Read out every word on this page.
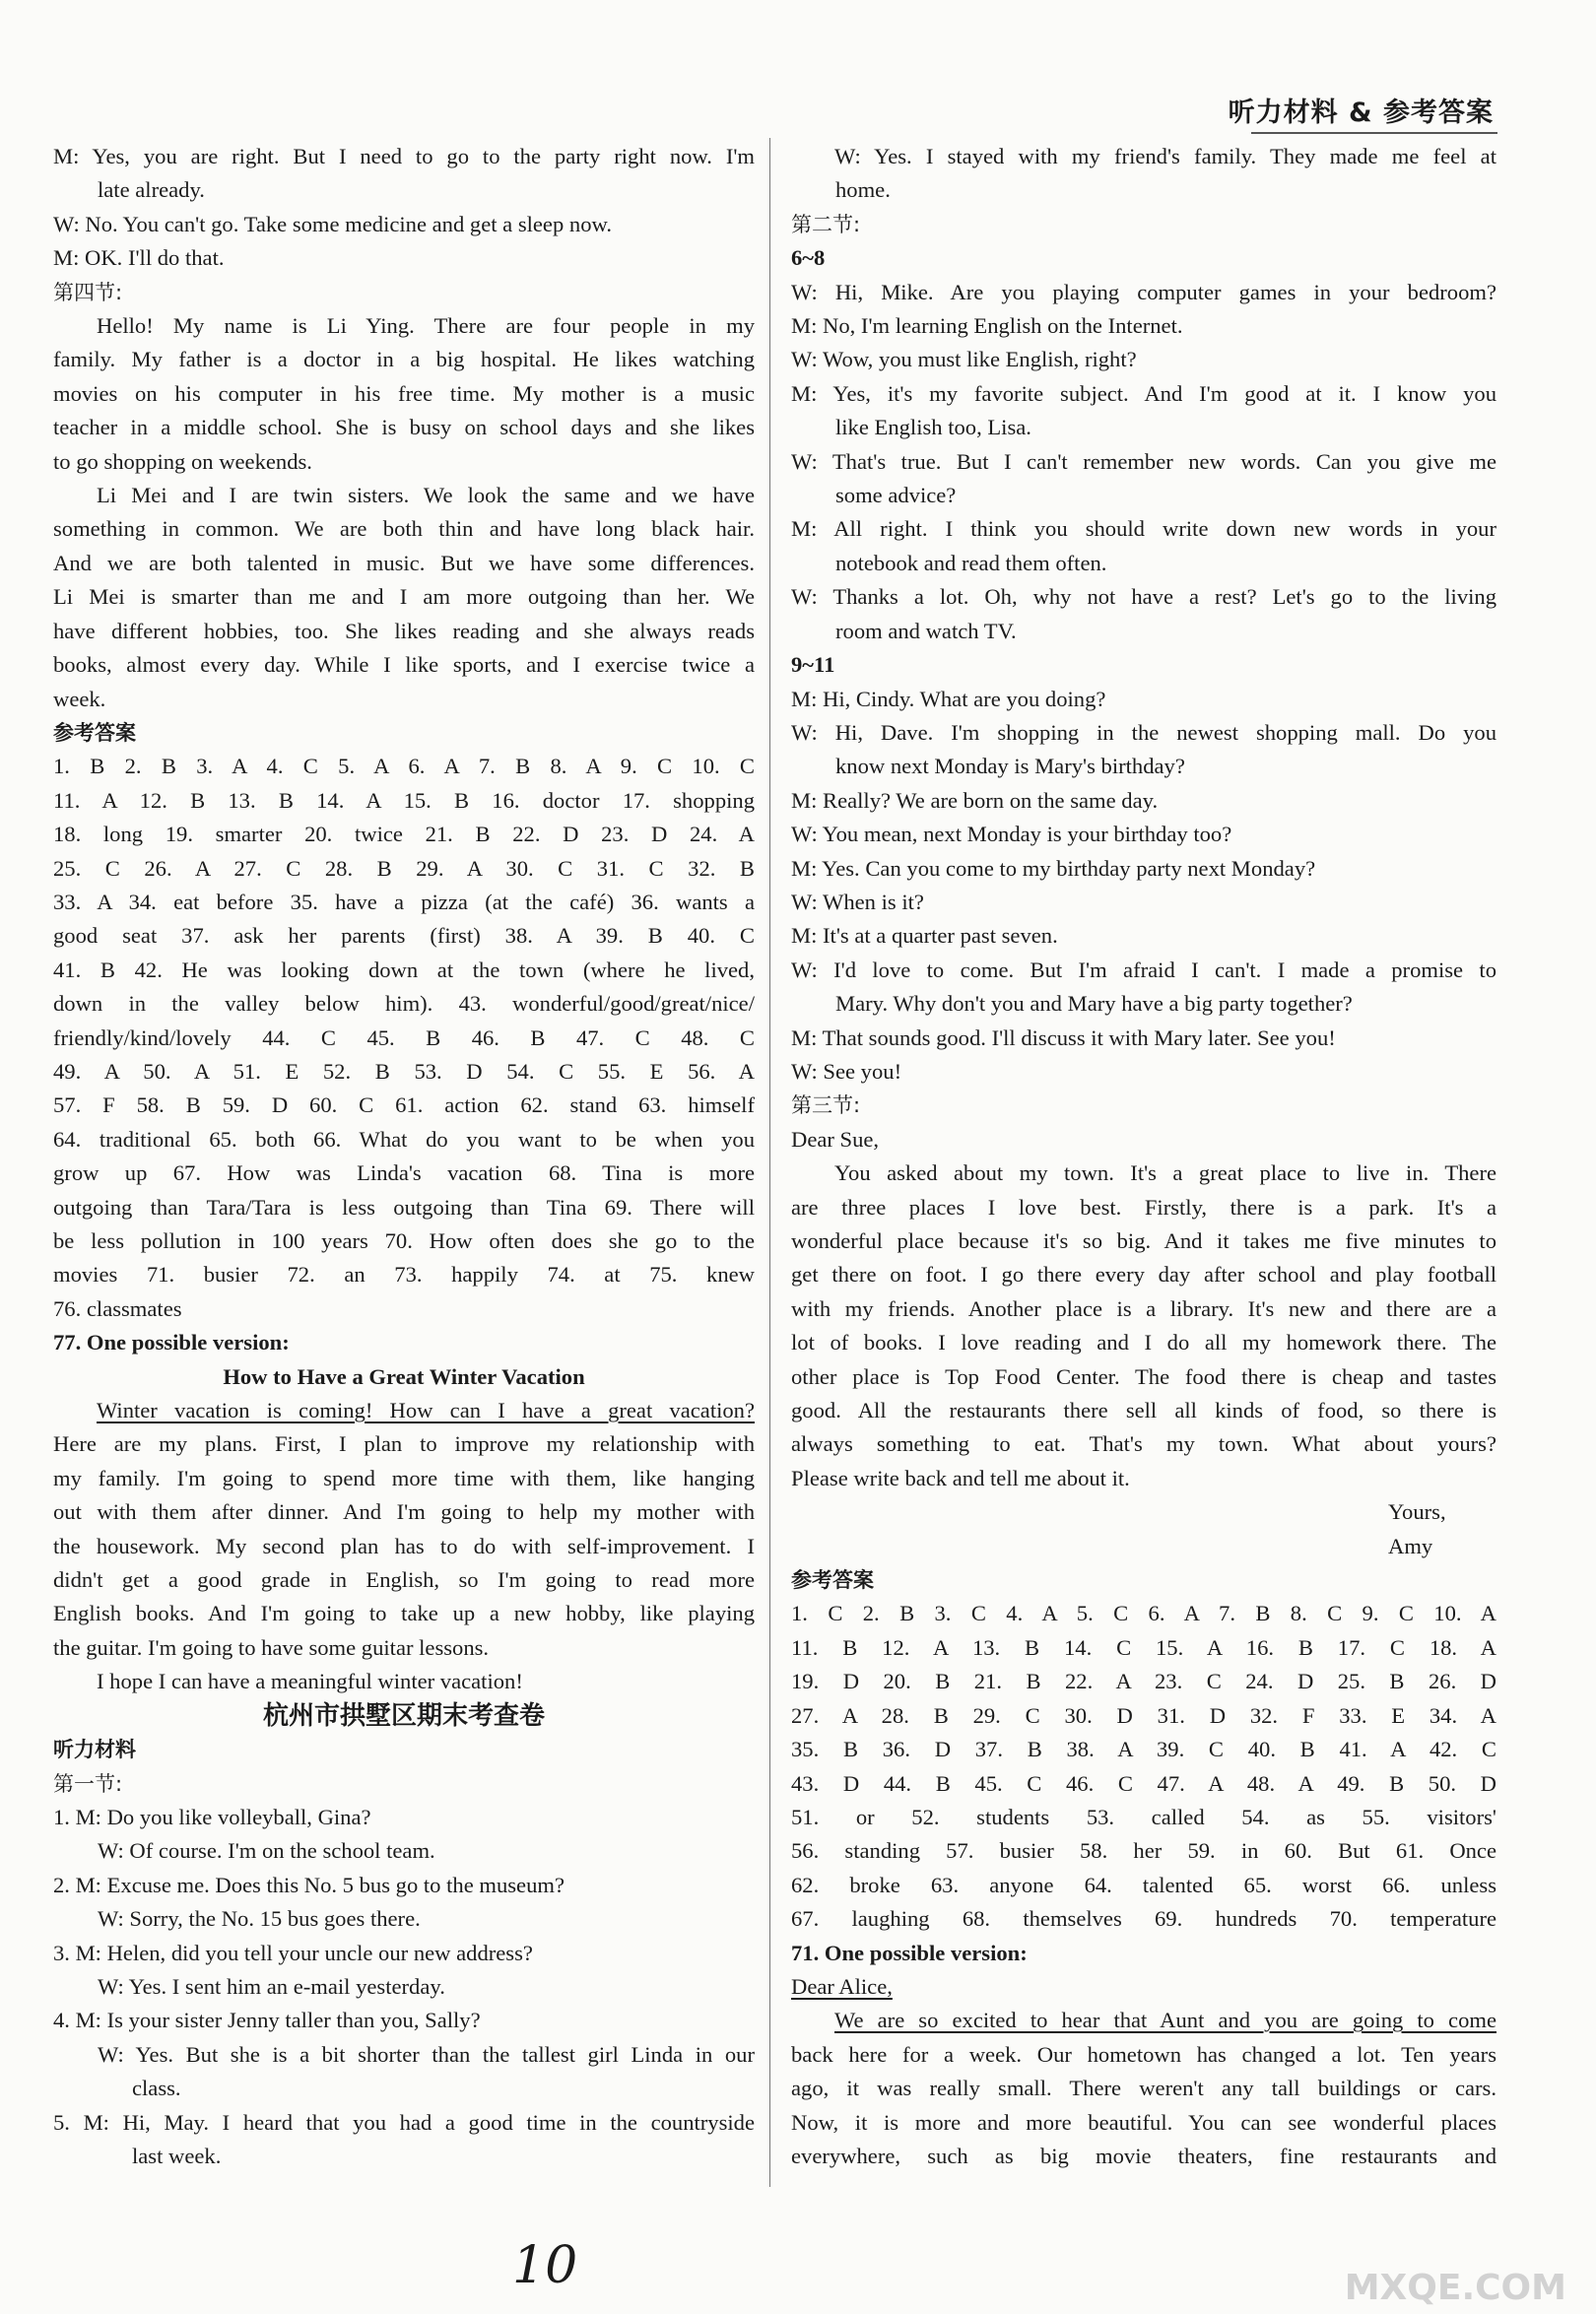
听力材料 & 参考答案
M: Yes, you are right. But I need to go to the party right now. I'm
late already.
W: No. You can't go. Take some medicine and get a sleep now.
M: OK. I'll do that.
第四节:
Hello! My name is Li Ying. There are four people in my
family. My father is a doctor in a big hospital. He likes watching
movies on his computer in his free time. My mother is a music
teacher in a middle school. She is busy on school days and she likes
to go shopping on weekends.
Li Mei and I are twin sisters. We look the same and we have
something in common. We are both thin and have long black hair.
And we are both talented in music. But we have some differences.
Li Mei is smarter than me and I am more outgoing than her. We
have different hobbies, too. She likes reading and she always reads
books, almost every day. While I like sports, and I exercise twice a
week.
参考答案
1. B 2. B 3. A 4. C 5. A 6. A 7. B 8. A 9. C 10. C
11. A 12. B 13. B 14. A 15. B 16. doctor 17. shopping
18. long 19. smarter 20. twice 21. B 22. D 23. D 24. A
25. C 26. A 27. C 28. B 29. A 30. C 31. C 32. B
33. A 34. eat before 35. have a pizza (at the café) 36. wants a
good seat 37. ask her parents (first) 38. A 39. B 40. C
41. B 42. He was looking down at the town (where he lived,
down in the valley below him). 43. wonderful/good/great/nice/
friendly/kind/lovely 44. C 45. B 46. B 47. C 48. C
49. A 50. A 51. E 52. B 53. D 54. C 55. E 56. A
57. F 58. B 59. D 60. C 61. action 62. stand 63. himself
64. traditional 65. both 66. What do you want to be when you
grow up 67. How was Linda's vacation 68. Tina is more
outgoing than Tara/Tara is less outgoing than Tina 69. There will
be less pollution in 100 years 70. How often does she go to the
movies 71. busier 72. an 73. happily 74. at 75. knew
76. classmates
77. One possible version:
How to Have a Great Winter Vacation
Winter vacation is coming! How can I have a great vacation?
Here are my plans. First, I plan to improve my relationship with
my family. I'm going to spend more time with them, like hanging
out with them after dinner. And I'm going to help my mother with
the housework. My second plan has to do with self-improvement. I
didn't get a good grade in English, so I'm going to read more
English books. And I'm going to take up a new hobby, like playing
the guitar. I'm going to have some guitar lessons.
I hope I can have a meaningful winter vacation!
杭州市拱墅区期末考查卷
听力材料
第一节:
1. M: Do you like volleyball, Gina?
W: Of course. I'm on the school team.
2. M: Excuse me. Does this No. 5 bus go to the museum?
W: Sorry, the No. 15 bus goes there.
3. M: Helen, did you tell your uncle our new address?
W: Yes. I sent him an e-mail yesterday.
4. M: Is your sister Jenny taller than you, Sally?
W: Yes. But she is a bit shorter than the tallest girl Linda in our
class.
5. M: Hi, May. I heard that you had a good time in the countryside
last week.
W: Yes. I stayed with my friend's family. They made me feel at
home.
第二节:
6~8
W: Hi, Mike. Are you playing computer games in your bedroom?
M: No, I'm learning English on the Internet.
W: Wow, you must like English, right?
M: Yes, it's my favorite subject. And I'm good at it. I know you
like English too, Lisa.
W: That's true. But I can't remember new words. Can you give me
some advice?
M: All right. I think you should write down new words in your
notebook and read them often.
W: Thanks a lot. Oh, why not have a rest? Let's go to the living
room and watch TV.
9~11
M: Hi, Cindy. What are you doing?
W: Hi, Dave. I'm shopping in the newest shopping mall. Do you
know next Monday is Mary's birthday?
M: Really? We are born on the same day.
W: You mean, next Monday is your birthday too?
M: Yes. Can you come to my birthday party next Monday?
W: When is it?
M: It's at a quarter past seven.
W: I'd love to come. But I'm afraid I can't. I made a promise to
Mary. Why don't you and Mary have a big party together?
M: That sounds good. I'll discuss it with Mary later. See you!
W: See you!
第三节:
Dear Sue,
You asked about my town. It's a great place to live in. There
are three places I love best. Firstly, there is a park. It's a
wonderful place because it's so big. And it takes me five minutes to
get there on foot. I go there every day after school and play football
with my friends. Another place is a library. It's new and there are a
lot of books. I love reading and I do all my homework there. The
other place is Top Food Center. The food there is cheap and tastes
good. All the restaurants there sell all kinds of food, so there is
always something to eat. That's my town. What about yours?
Please write back and tell me about it.
Yours,
Amy
参考答案
1. C 2. B 3. C 4. A 5. C 6. A 7. B 8. C 9. C 10. A
11. B 12. A 13. B 14. C 15. A 16. B 17. C 18. A
19. D 20. B 21. B 22. A 23. C 24. D 25. B 26. D
27. A 28. B 29. C 30. D 31. D 32. F 33. E 34. A
35. B 36. D 37. B 38. A 39. C 40. B 41. A 42. C
43. D 44. B 45. C 46. C 47. A 48. A 49. B 50. D
51. or 52. students 53. called 54. as 55. visitors'
56. standing 57. busier 58. her 59. in 60. But 61. Once
62. broke 63. anyone 64. talented 65. worst 66. unless
67. laughing 68. themselves 69. hundreds 70. temperature
71. One possible version:
Dear Alice,
We are so excited to hear that Aunt and you are going to come
back here for a week. Our hometown has changed a lot. Ten years
ago, it was really small. There weren't any tall buildings or cars.
Now, it is more and more beautiful. You can see wonderful places
everywhere, such as big movie theaters, fine restaurants and
10	MXQE.COM
